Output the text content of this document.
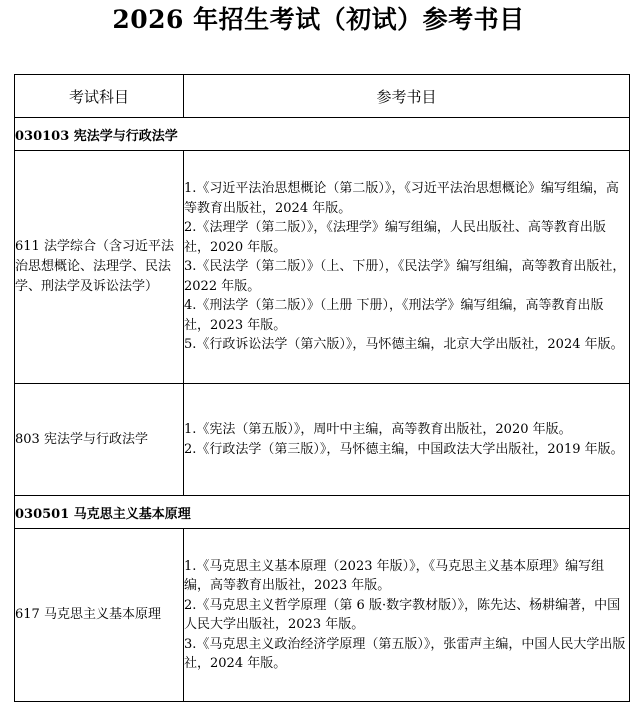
2026 年招生考试（初试）参考书目
考试科目	参考书目
030103 宪法学与行政法学	
611 法学综合（含习近平法治思想概论、法理学、民法学、刑法学及诉讼法学）	1.《习近平法治思想概论（第二版）》，《习近平法治思想概论》编写组编，高等教育出版社，2024 年版。
2.《法理学（第二版）》，《法理学》编写组编，人民出版社、高等教育出版社，2020 年版。
3.《民法学（第二版）》（上、下册），《民法学》编写组编，高等教育出版社，2022 年版。
4.《刑法学（第二版）》（上册 下册），《刑法学》编写组编，高等教育出版社，2023 年版。
5.《行政诉讼法学（第六版）》，马怀德主编，北京大学出版社，2024 年版。

803 宪法学与行政法学	1.《宪法（第五版）》，周叶中主编，高等教育出版社，2020 年版。
2.《行政法学（第三版）》，马怀德主编，中国政法大学出版社，2019 年版。

030501 马克思主义基本原理	
617 马克思主义基本原理	1.《马克思主义基本原理（2023 年版）》，《马克思主义基本原理》编写组编，高等教育出版社，2023 年版。
2.《马克思主义哲学原理（第 6 版·数字教材版）》，陈先达、杨耕编著，中国人民大学出版社，2023 年版。
3.《马克思主义政治经济学原理（第五版）》，张雷声主编，中国人民大学出版社，2024 年版。
